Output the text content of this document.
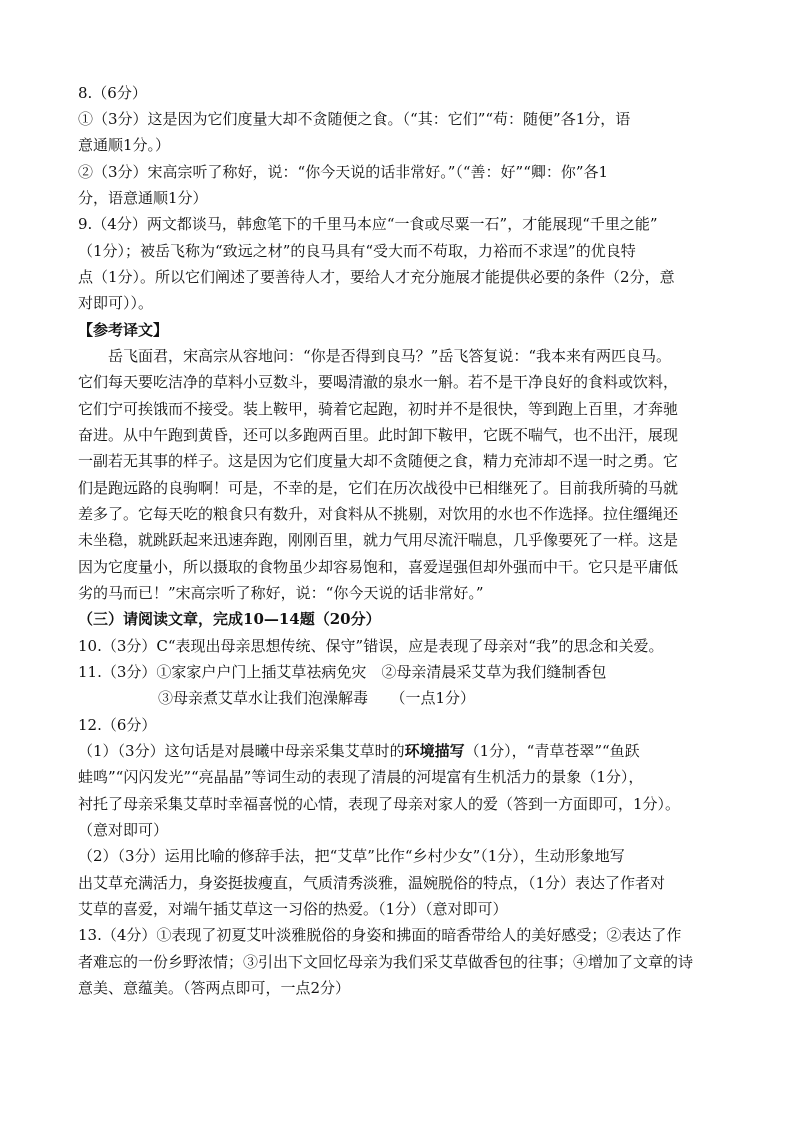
8.（6分）
①（3分）这是因为它们度量大却不贪随便之食。（“其：它们”“苟：随便”各1分，语
意通顺1分。）
②（3分）宋高宗听了称好，说：“你今天说的话非常好。”（“善：好”“卿：你”各1
分，语意通顺1分）
9.（4分）两文都谈马，韩愈笔下的千里马本应“一食或尽粟一石”，才能展现“千里之能”
（1分）；被岳飞称为“致远之材”的良马具有“受大而不苟取，力裕而不求逞”的优良特
点（1分）。所以它们阐述了要善待人才，要给人才充分施展才能提供必要的条件（2分，意
对即可））。
【参考译文】
岳飞面君，宋高宗从容地问：“你是否得到良马？”岳飞答复说：“我本来有两匹良马。
它们每天要吃洁净的草料小豆数斗，要喝清澈的泉水一斛。若不是干净良好的食料或饮料，
它们宁可挨饿而不接受。装上鞍甲，骑着它起跑，初时并不是很快，等到跑上百里，才奔驰
奋进。从中午跑到黄昏，还可以多跑两百里。此时卸下鞍甲，它既不喘气，也不出汗，展现
一副若无其事的样子。这是因为它们度量大却不贪随便之食，精力充沛却不逞一时之勇。它
们是跑远路的良驹啊！可是，不幸的是，它们在历次战役中已相继死了。目前我所骑的马就
差多了。它每天吃的粮食只有数升，对食料从不挑剔，对饮用的水也不作选择。拉住缰绳还
未坐稳，就跳跃起来迅速奔跑，刚刚百里，就力气用尽流汗喘息，几乎像要死了一样。这是
因为它度量小，所以摄取的食物虽少却容易饱和，喜爱逞强但却外强而中干。它只是平庸低
劣的马而已！”宋高宗听了称好，说：“你今天说的话非常好。”
（三）请阅读文章，完成10—14题（20分）
10.（3分）C“表现出母亲思想传统、保守”错误，应是表现了母亲对“我”的思念和关爱。
11.（3分）①家家户户门上插艾草祛病免灾　②母亲清晨采艾草为我们缝制香包
③母亲煮艾草水让我们泡澡解毒　　（一点1分）
12.（6分）
（1）（3分）这句话是对晨曦中母亲采集艾草时的环境描写（1分），“青草苍翠”“鱼跃
蛙鸣”“闪闪发光”“亮晶晶”等词生动的表现了清晨的河堤富有生机活力的景象（1分），
衬托了母亲采集艾草时幸福喜悦的心情，表现了母亲对家人的爱（答到一方面即可，1分）。
（意对即可）
（2）（3分）运用比喻的修辞手法，把“艾草”比作“乡村少女”（1分），生动形象地写
出艾草充满活力，身姿挺拔瘦直，气质清秀淡雅，温婉脱俗的特点，（1分）表达了作者对
艾草的喜爱，对端午插艾草这一习俗的热爱。（1分）（意对即可）
13.（4分）①表现了初夏艾叶淡雅脱俗的身姿和拂面的暗香带给人的美好感受；②表达了作
者难忘的一份乡野浓情；③引出下文回忆母亲为我们采艾草做香包的往事；④增加了文章的诗
意美、意蕴美。（答两点即可，一点2分）
